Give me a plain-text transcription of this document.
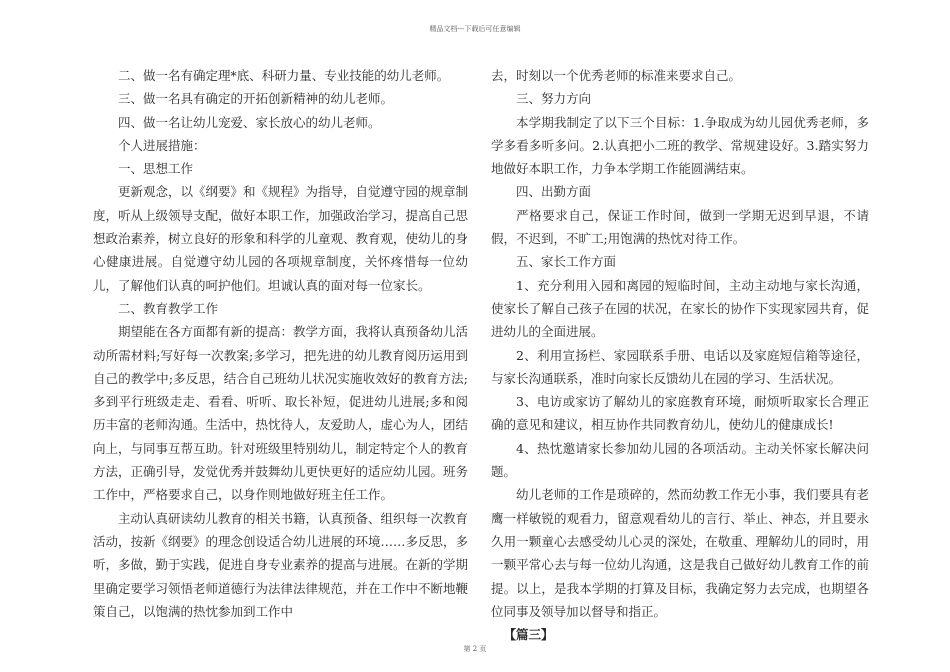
精品文档---下载后可任意编辑

二、做一名有确定理*底、科研力量、专业技能的幼儿老师。

三、做一名具有确定的开拓创新精神的幼儿老师。

四、做一名让幼儿宠爱、家长放心的幼儿老师。

个人进展措施：

一、思想工作

更新观念，以《纲要》和《规程》为指导，自觉遵守园的规章制度，听从上级领导支配，做好本职工作，加强政治学习，提高自己思想政治素养，树立良好的形象和科学的儿童观、教育观，使幼儿的身心健康进展。自觉遵守幼儿园的各项规章制度，关怀疼惜每一位幼儿，了解他们认真的呵护他们。坦诚认真的面对每一位家长。

二、教育教学工作

期望能在各方面都有新的提高：教学方面，我将认真预备幼儿活动所需材料;写好每一次教案;多学习，把先进的幼儿教育阅历运用到自己的教学中;多反思，结合自己班幼儿状况实施收效好的教育方法;多到平行班级走走、看看、听听、取长补短，促进幼儿进展;多和阅历丰富的老师沟通。生活中，热忱待人，友爱助人，虚心为人，团结向上，与同事互帮互助。针对班级里特别幼儿，制定特定个人的教育方法，正确引导，发觉优秀并鼓舞幼儿更快更好的适应幼儿园。班务工作中，严格要求自己，以身作则地做好班主任工作。

主动认真研读幼儿教育的相关书籍，认真预备、组织每一次教育活动，按新《纲要》的理念创设适合幼儿进展的环境……多反思，多听，多做，勤于实践，促进自身专业素养的提高与进展。在新的学期里确定要学习领悟老师道德行为法律法律规范，并在工作中不断地鞭策自己，以饱满的热忱参加到工作中

去，时刻以一个优秀老师的标准来要求自己。

三、努力方向

本学期我制定了以下三个目标：1.争取成为幼儿园优秀老师，多学多看多听多问。2.认真把小二班的教学、常规建设好。3.踏实努力地做好本职工作，力争本学期工作能圆满结束。

四、出勤方面

严格要求自己，保证工作时间，做到一学期无迟到早退，不请假，不迟到，不旷工;用饱满的热忱对待工作。

五、家长工作方面

1、充分利用入园和离园的短临时间，主动主动地与家长沟通，使家长了解自己孩子在园的状况，在家长的协作下实现家园共育，促进幼儿的全面进展。

2、利用宣扬栏、家园联系手册、电话以及家庭短信箱等途径，与家长沟通联系，准时向家长反馈幼儿在园的学习、生活状况。

3、电访或家访了解幼儿的家庭教育环境，耐烦听取家长合理正确的意见和建议，相互协作共同教育幼儿，使幼儿的健康成长!

4、热忱邀请家长参加幼儿园的各项活动。主动关怀家长解决问题。

幼儿老师的工作是琐碎的，然而幼教工作无小事，我们要具有老鹰一样敏锐的观看力，留意观看幼儿的言行、举止、神态，并且要永久用一颗童心去感受幼儿心灵的深处，在敬重、理解幼儿的同时，用一颗平常心去与每一位幼儿沟通，这是我自己做好幼儿教育工作的前提。以上，是我本学期的打算及目标，我确定努力去完成，也期望各位同事及领导加以督导和指正。

【篇三】

第 2 页
